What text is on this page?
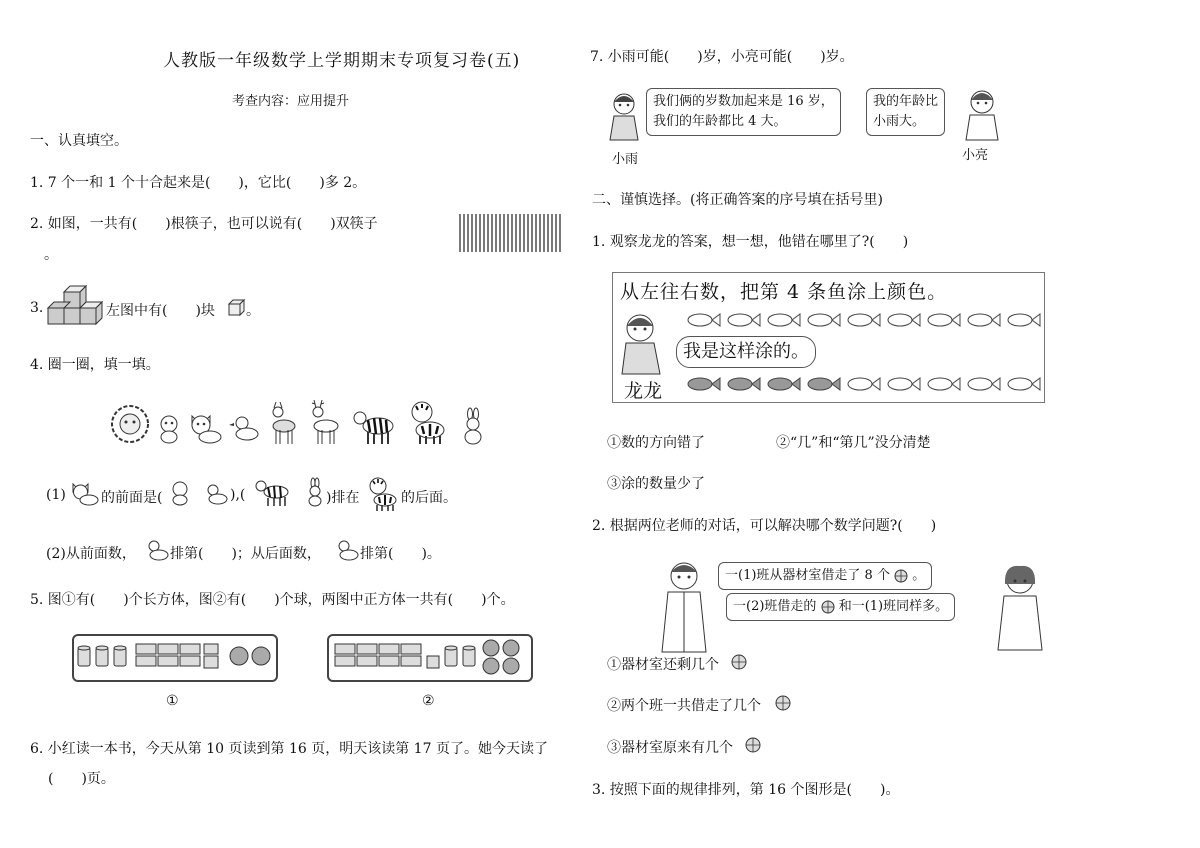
人教版一年级数学上学期期末专项复习卷(五)
考查内容：应用提升
一、认真填空。
1. 7 个一和 1 个十合起来是(　　)，它比(　　)多 2。
2. 如图，一共有(　　)根筷子，也可以说有(　　)双筷子
。
3.	左图中有(　　)块 。
4. 圈一圈，填一填。
(1)	的前面是(	),(	)排在	的后面。
(2)从前面数， 排第(　　)；从后面数，	排第(　　)。
5. 图①有(　　)个长方体，图②有(　　)个球，两图中正方体一共有(　　)个。
①	②
6. 小红读一本书，今天从第 10 页读到第 16 页，明天该读第 17 页了。她今天读了
(　　)页。
7. 小雨可能(　　)岁，小亮可能(　　)岁。
小雨
我们俩的岁数加起来是 16 岁，
我们的年龄都比 4 大。
我的年龄比
小雨大。
小亮
二、谨慎选择。(将正确答案的序号填在括号里)
1. 观察龙龙的答案，想一想，他错在哪里了?(　　)
从左往右数，把第 4 条鱼涂上颜色。
龙龙
我是这样涂的。
①数的方向错了	②“几”和“第几”没分清楚
③涂的数量少了
2. 根据两位老师的对话，可以解决哪个数学问题?(　　)
一(1)班从器材室借走了 8 个 。
一(2)班借走的 和一(1)班同样多。
①器材室还剩几个
②两个班一共借走了几个
③器材室原来有几个
3. 按照下面的规律排列，第 16 个图形是(　　)。
